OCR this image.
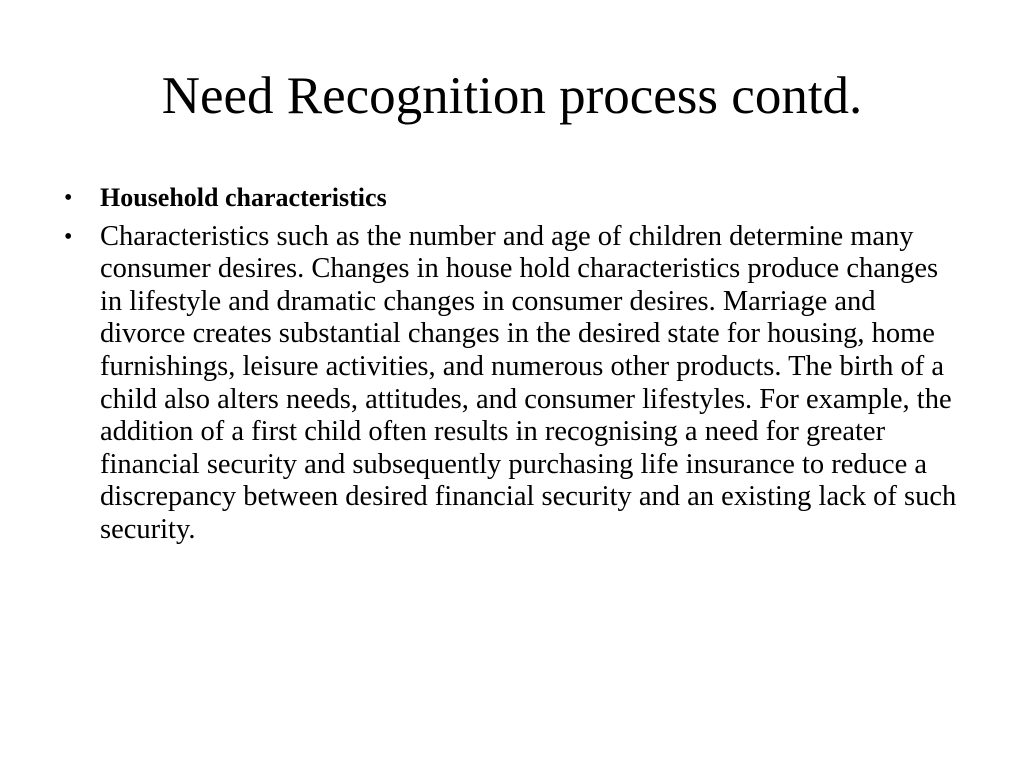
Need Recognition process contd.
•	Household characteristics
• Characteristics such as the number and age of children determine many consumer desires. Changes in house hold characteristics produce changes in lifestyle and dramatic changes in consumer desires. Marriage and divorce creates substantial changes in the desired state for housing, home furnishings, leisure activities, and numerous other products. The birth of a child also alters needs, attitudes, and consumer lifestyles. For example, the addition of a first child often results in recognising a need for greater financial security and subsequently purchasing life insurance to reduce a discrepancy between desired financial security and an existing lack of such security.
